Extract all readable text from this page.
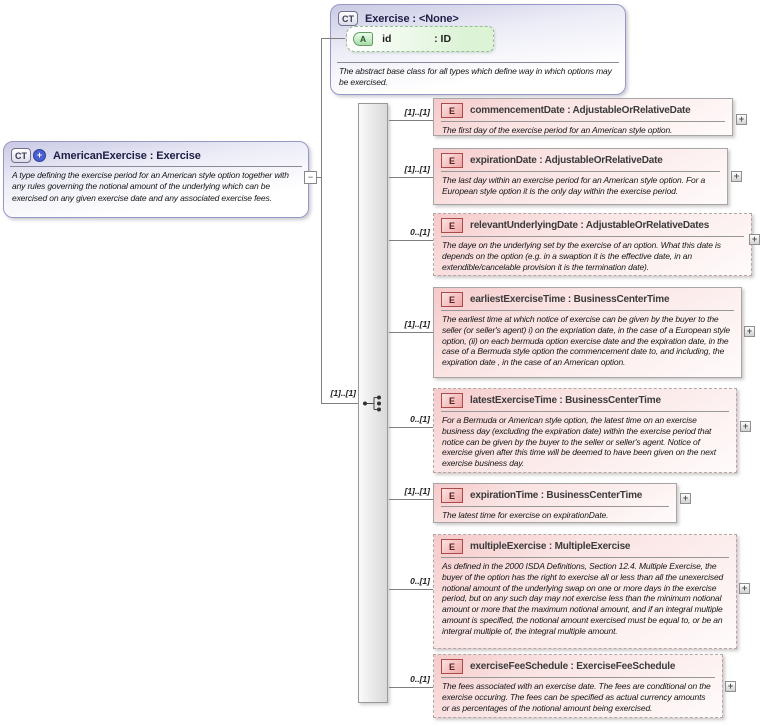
CT	Exercise : <None>
A	id	: ID
The abstract base class for all types which define way in which options may be exercised.
CT	+ AmericanExercise : Exercise
A type defining the exercise period for an American style option together with any rules governing the notional amount of the underlying which can be exercised on any given exercise date and any associated exercise fees.
−
[1]..[1]
[1]..[1]
[1]..[1]
0..[1]
[1]..[1]
0..[1]
[1]..[1]
0..[1]
0..[1]
E	commencementDate : AdjustableOrRelativeDate
The first day of the exercise period for an American style option.
E	expirationDate : AdjustableOrRelativeDate
The last day within an exercise period for an American style option. For a European style option it is the only day within the exercise period.
E	relevantUnderlyingDate : AdjustableOrRelativeDates
The daye on the underlying set by the exercise of an option. What this date is depends on the option (e.g. in a swaption it is the effective date, in an extendible/cancelable provision it is the termination date).
E	earliestExerciseTime : BusinessCenterTime
The earliest time at which notice of exercise can be given by the buyer to the seller (or seller's agent) i) on the expriation date, in the case of a European style option, (ii) on each bermuda option exercise date and the expiration date, in the case of a Bermuda style option the commencement date to, and including, the expiration date , in the case of an American option.
E	latestExerciseTime : BusinessCenterTime
For a Bermuda or American style option, the latest time on an exercise business day (excluding the expiration date) within the exercise period that notice can be given by the buyer to the seller or seller's agent. Notice of exercise given after this time will be deemed to have been given on the next exercise business day.
E	expirationTime : BusinessCenterTime
The latest time for exercise on expirationDate.
E	multipleExercise : MultipleExercise
As defined in the 2000 ISDA Definitions, Section 12.4. Multiple Exercise, the buyer of the option has the right to exercise all or less than all the unexercised notional amount of the underlying swap on one or more days in the exercise period, but on any such day may not exercise less than the minimum notional amount or more that the maximum notional amount, and if an integral multiple amount is specified, the notional amount exercised must be equal to, or be an intergral multiple of, the integral multiple amount.
E	exerciseFeeSchedule : ExerciseFeeSchedule
The fees associated with an exercise date. The fees are conditional on the exercise occuring. The fees can be specified as actual currency amounts or as percentages of the notional amount being exercised.
+
+
+
+
+
+
+
+
